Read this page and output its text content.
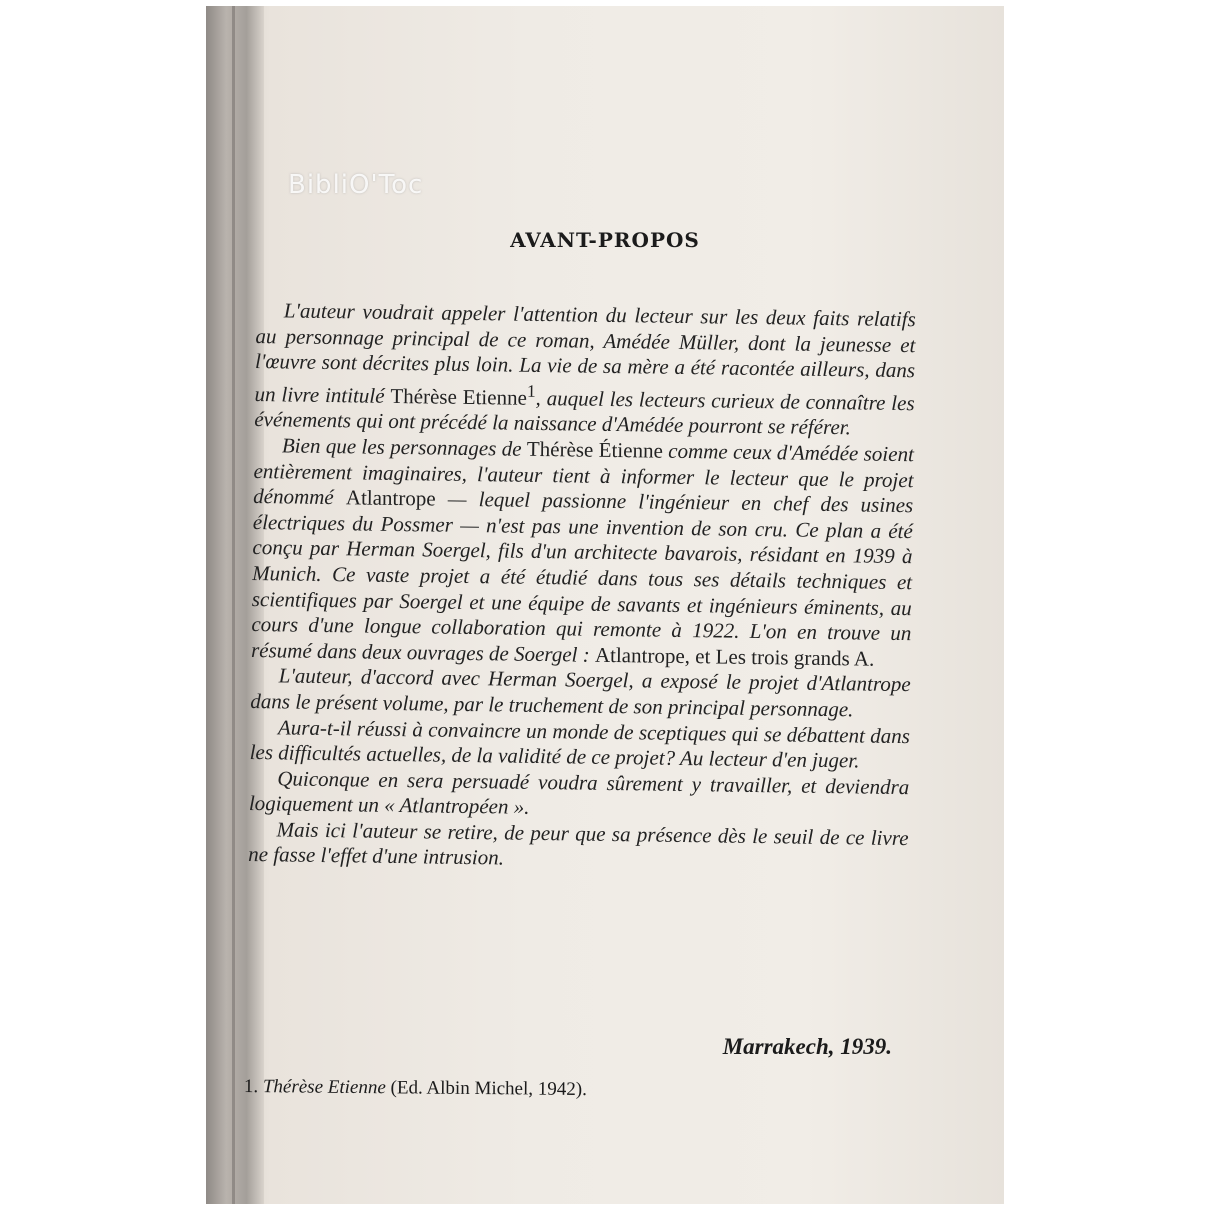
BibliO'Toc
AVANT-PROPOS

L'auteur voudrait appeler l'attention du lecteur sur les deux faits relatifs au personnage principal de ce roman, Amédée Müller, dont la jeunesse et l'œuvre sont décrites plus loin. La vie de sa mère a été racontée ailleurs, dans un livre intitulé Thérèse Etienne$^1$, auquel les lecteurs curieux de connaître les événements qui ont précédé la naissance d'Amédée pourront se référer.

Bien que les personnages de Thérèse Étienne comme ceux d'Amédée soient entièrement imaginaires, l'auteur tient à informer le lecteur que le projet dénommé Atlantrope — lequel passionne l'ingénieur en chef des usines électriques du Possmer — n'est pas une invention de son cru. Ce plan a été conçu par Herman Soergel, fils d'un architecte bavarois, résidant en 1939 à Munich. Ce vaste projet a été étudié dans tous ses détails techniques et scientifiques par Soergel et une équipe de savants et ingénieurs éminents, au cours d'une longue collaboration qui remonte à 1922. L'on en trouve un résumé dans deux ouvrages de Soergel : Atlantrope, et Les trois grands A.

L'auteur, d'accord avec Herman Soergel, a exposé le projet d'Atlantrope dans le présent volume, par le truchement de son principal personnage.

Aura-t-il réussi à convaincre un monde de sceptiques qui se débattent dans les difficultés actuelles, de la validité de ce projet? Au lecteur d'en juger.

Quiconque en sera persuadé voudra sûrement y travailler, et deviendra logiquement un « Atlantropéen ».

Mais ici l'auteur se retire, de peur que sa présence dès le seuil de ce livre ne fasse l'effet d'une intrusion.

Marrakech, 1939.
1. Thérèse Etienne (Ed. Albin Michel, 1942).
